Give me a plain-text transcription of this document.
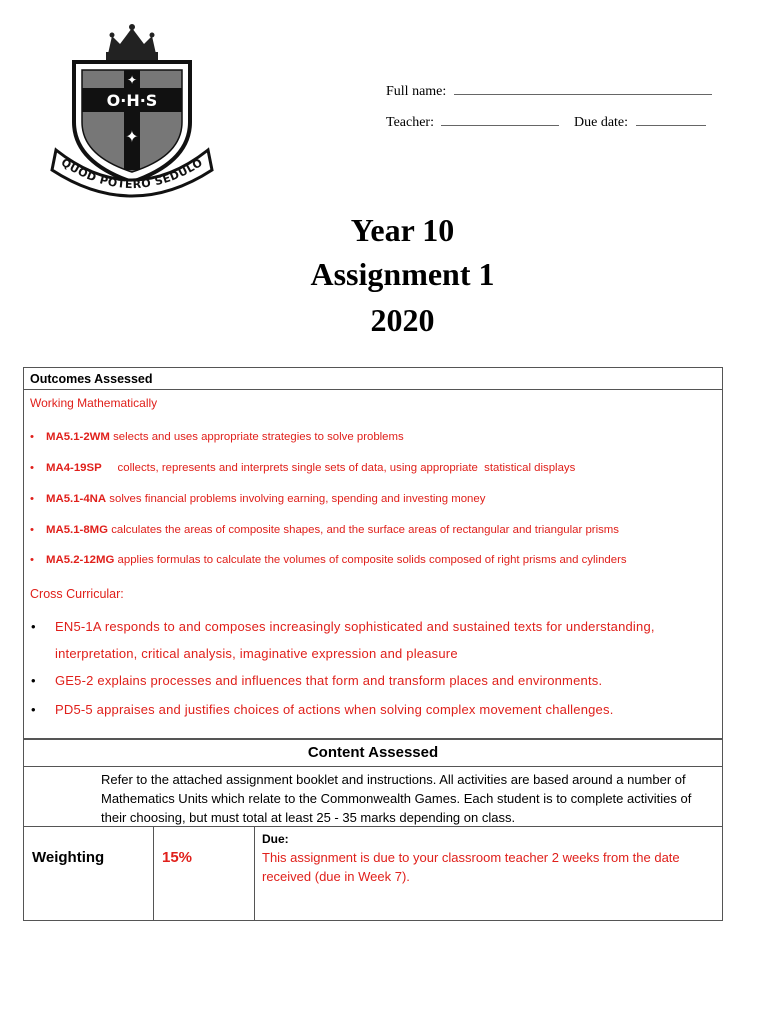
✦
✦
O·H·S
QUOD POTERO SEDULO
Full name:
Teacher:	Due date:
Year 10
Assignment 1
2020
Outcomes Assessed
Working Mathematically
• MA5.1-2WM selects and uses appropriate strategies to solve problems
• MA4-19SP     collects, represents and interprets single sets of data, using appropriate  statistical displays
• MA5.1-4NA solves financial problems involving earning, spending and investing money
• MA5.1-8MG calculates the areas of composite shapes, and the surface areas of rectangular and triangular prisms
• MA5.2-12MG applies formulas to calculate the volumes of composite solids composed of right prisms and cylinders
Cross Curricular:
• EN5-1A responds to and composes increasingly sophisticated and sustained texts for understanding,
interpretation, critical analysis, imaginative expression and pleasure
• GE5-2 explains processes and influences that form and transform places and environments.
• PD5-5 appraises and justifies choices of actions when solving complex movement challenges.
Content Assessed
Refer to the attached assignment booklet and instructions. All activities are based around a number of Mathematics Units which relate to the Commonwealth Games. Each student is to complete activities of their choosing, but must total at least 25 - 35 marks depending on class.
Weighting	15%
Due:
This assignment is due to your classroom teacher 2 weeks from the date received (due in Week 7).
